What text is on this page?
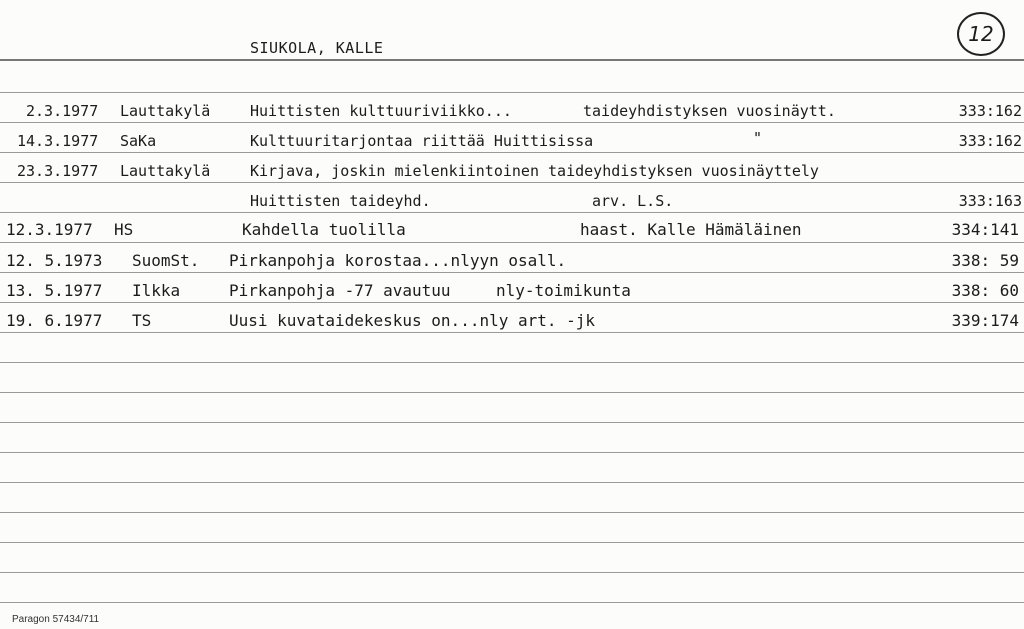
SIUKOLA, KALLE
12
2.3.1977 Lauttakylä	Huittisten kulttuuriviikko...	taideyhdistyksen vuosinäytt.	333:162
14.3.1977 SaKa	Kulttuuritarjontaa riittää Huittisissa	"	333:162
23.3.1977 Lauttakylä	Kirjava, joskin mielenkiintoinen taideyhdistyksen vuosinäyttely
Huittisten taideyhd.	arv. L.S.	333:163
12.3.1977 HS	Kahdella tuolilla	haast. Kalle Hämäläinen	334:141
12. 5.1973 SuomSt. Pirkanpohja korostaa...nlyyn osall.	338: 59
13. 5.1977 Ilkka	Pirkanpohja -77 avautuu	nly-toimikunta	338: 60
19. 6.1977 TS	Uusi kuvataidekeskus on...nly art. -jk	339:174
Paragon 57434/711
